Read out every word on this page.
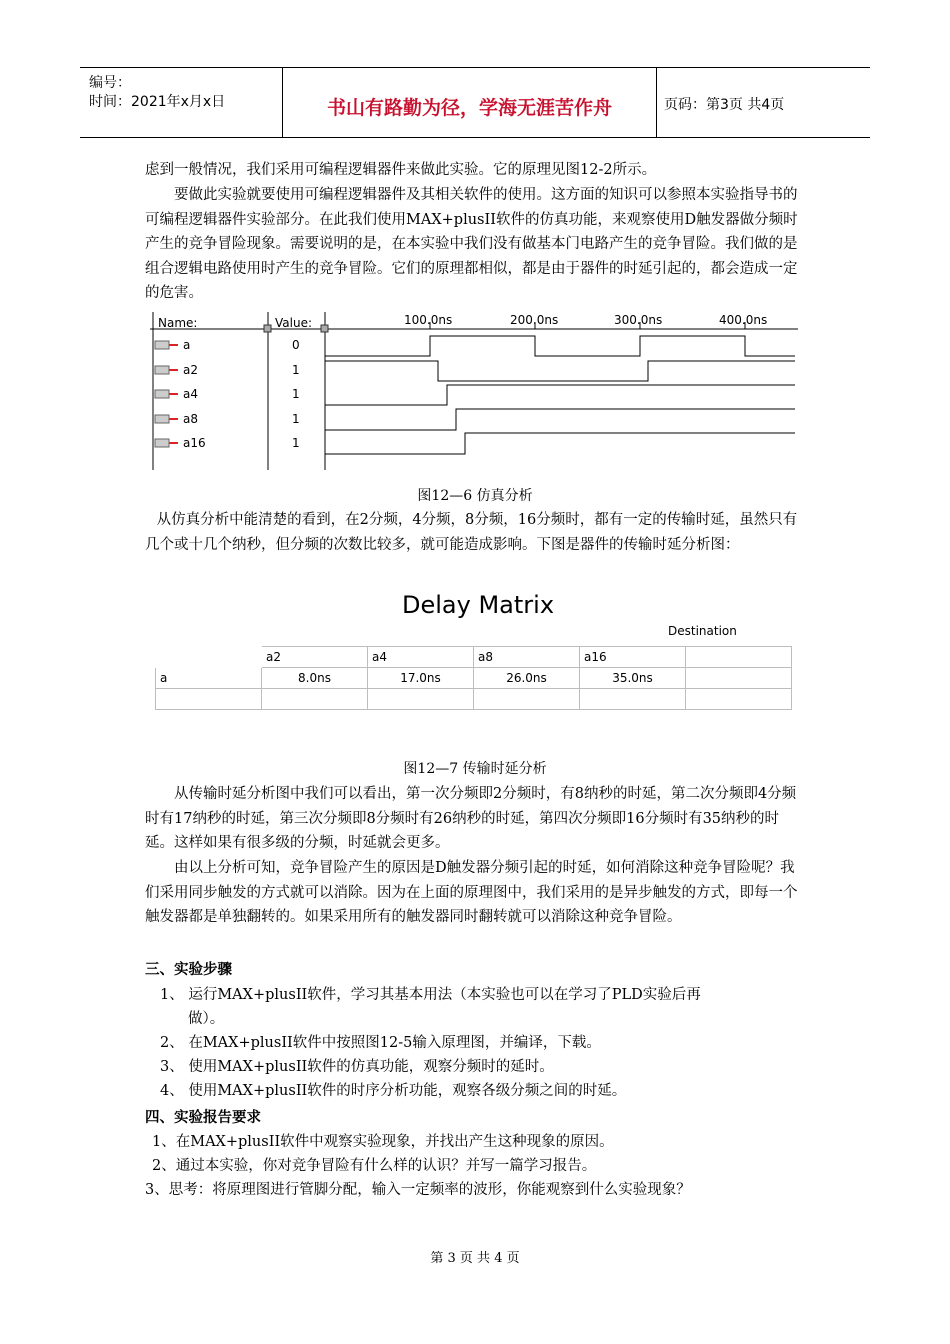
编号：
时间：2021年x月x日	书山有路勤为径，学海无涯苦作舟	页码：第3页 共4页
虑到一般情况，我们采用可编程逻辑器件来做此实验。它的原理见图12-2所示。
要做此实验就要使用可编程逻辑器件及其相关软件的使用。这方面的知识可以参照本实验指导书的可编程逻辑器件实验部分。在此我们使用MAX+plusII软件的仿真功能，来观察使用D触发器做分频时产生的竞争冒险现象。需要说明的是，在本实验中我们没有做基本门电路产生的竞争冒险。我们做的是组合逻辑电路使用时产生的竞争冒险。它们的原理都相似，都是由于器件的时延引起的，都会造成一定的危害。
Name:	Value:	100.0ns	200.0ns	300.0ns	400.0ns
a	0
a2	1
a4	1
a8	1
a16	1
图12—6 仿真分析
从仿真分析中能清楚的看到，在2分频，4分频，8分频，16分频时，都有一定的传输时延，虽然只有几个或十几个纳秒，但分频的次数比较多，就可能造成影响。下图是器件的传输时延分析图：
Delay Matrix
Destination
	a2	a4	a8	a16	
a	8.0ns	17.0ns	26.0ns	35.0ns	

图12—7 传输时延分析
从传输时延分析图中我们可以看出，第一次分频即2分频时，有8纳秒的时延，第二次分频即4分频时有17纳秒的时延，第三次分频即8分频时有26纳秒的时延，第四次分频即16分频时有35纳秒的时延。这样如果有很多级的分频，时延就会更多。
由以上分析可知，竞争冒险产生的原因是D触发器分频引起的时延，如何消除这种竞争冒险呢？我们采用同步触发的方式就可以消除。因为在上面的原理图中，我们采用的是异步触发的方式，即每一个触发器都是单独翻转的。如果采用所有的触发器同时翻转就可以消除这种竞争冒险。
三、实验步骤
1、 运行MAX+plusII软件，学习其基本用法（本实验也可以在学习了PLD实验后再
做）。
2、 在MAX+plusII软件中按照图12-5输入原理图，并编译，下载。
3、 使用MAX+plusII软件的仿真功能，观察分频时的延时。
4、 使用MAX+plusII软件的时序分析功能，观察各级分频之间的时延。
四、实验报告要求
1、在MAX+plusII软件中观察实验现象，并找出产生这种现象的原因。
2、通过本实验，你对竞争冒险有什么样的认识？并写一篇学习报告。
3、思考：将原理图进行管脚分配，输入一定频率的波形，你能观察到什么实验现象？
第 3 页 共 4 页
